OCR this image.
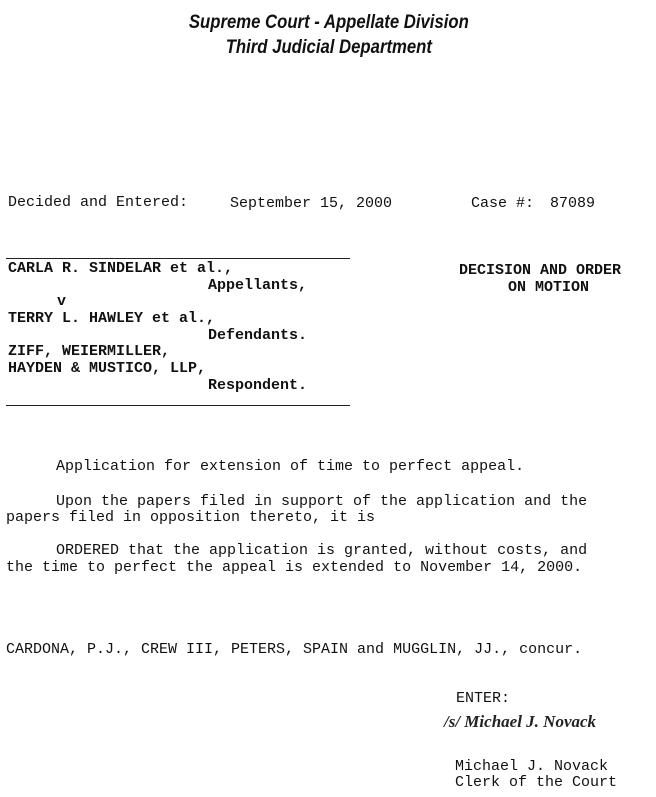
Supreme Court - Appellate Division
Third Judicial Department
Decided and Entered:	September 15, 2000	Case #: 87089
CARLA R. SINDELAR et al.,
Appellants,
v
TERRY L. HAWLEY et al.,
Defendants.
ZIFF, WEIERMILLER,
HAYDEN & MUSTICO, LLP,
Respondent.
DECISION AND ORDER
ON MOTION
Application for extension of time to perfect appeal.
Upon the papers filed in support of the application and the
papers filed in opposition thereto, it is
ORDERED that the application is granted, without costs, and
the time to perfect the appeal is extended to November 14, 2000.
CARDONA, P.J., CREW III, PETERS, SPAIN and MUGGLIN, JJ., concur.
ENTER:
/s/ Michael J. Novack
Michael J. Novack
Clerk of the Court
